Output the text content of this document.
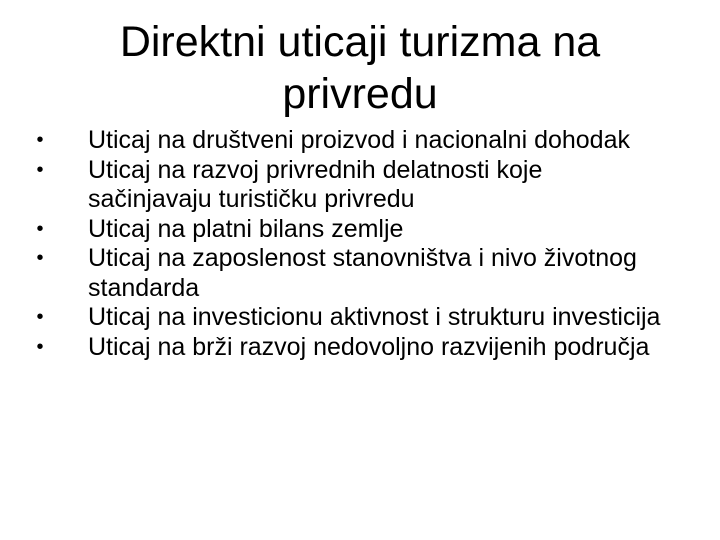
Direktni uticaji turizma na
privredu
• Uticaj na društveni proizvod i nacionalni dohodak
• Uticaj na razvoj privrednih delatnosti koje sačinjavaju turističku privredu
• Uticaj na platni bilans zemlje
• Uticaj na zaposlenost stanovništva i nivo životnog standarda
• Uticaj na investicionu aktivnost i strukturu investicija
• Uticaj na brži razvoj nedovoljno razvijenih područja
